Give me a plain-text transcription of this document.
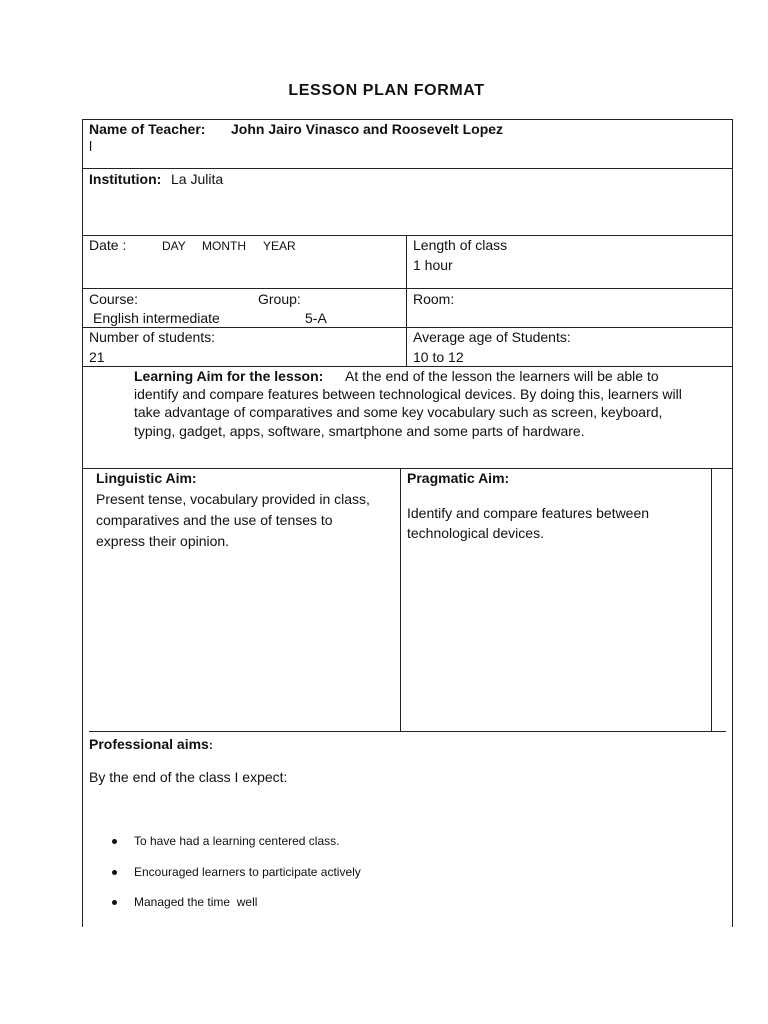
LESSON PLAN FORMAT
Name of Teacher: John Jairo Vinasco and Roosevelt Lopez
l
Institution: La Julita
Date :	DAY MONTH YEAR	Length of class
1 hour
Course:	Group:
English intermediate	5-A
Room:
Number of students:
21
Average age of Students:
10 to 12
Learning Aim for the lesson: At the end of the lesson the learners will be able to
identify and compare features between technological devices. By doing this, learners will
take advantage of comparatives and some key vocabulary such as screen, keyboard,
typing, gadget, apps, software, smartphone and some parts of hardware.
Linguistic Aim:
Present tense, vocabulary provided in class,
comparatives and the use of tenses to
express their opinion.
Pragmatic Aim:
Identify and compare features between
technological devices.
Professional aims:
By the end of the class I expect:
To have had a learning centered class.
Encouraged learners to participate actively
Managed the time  well
